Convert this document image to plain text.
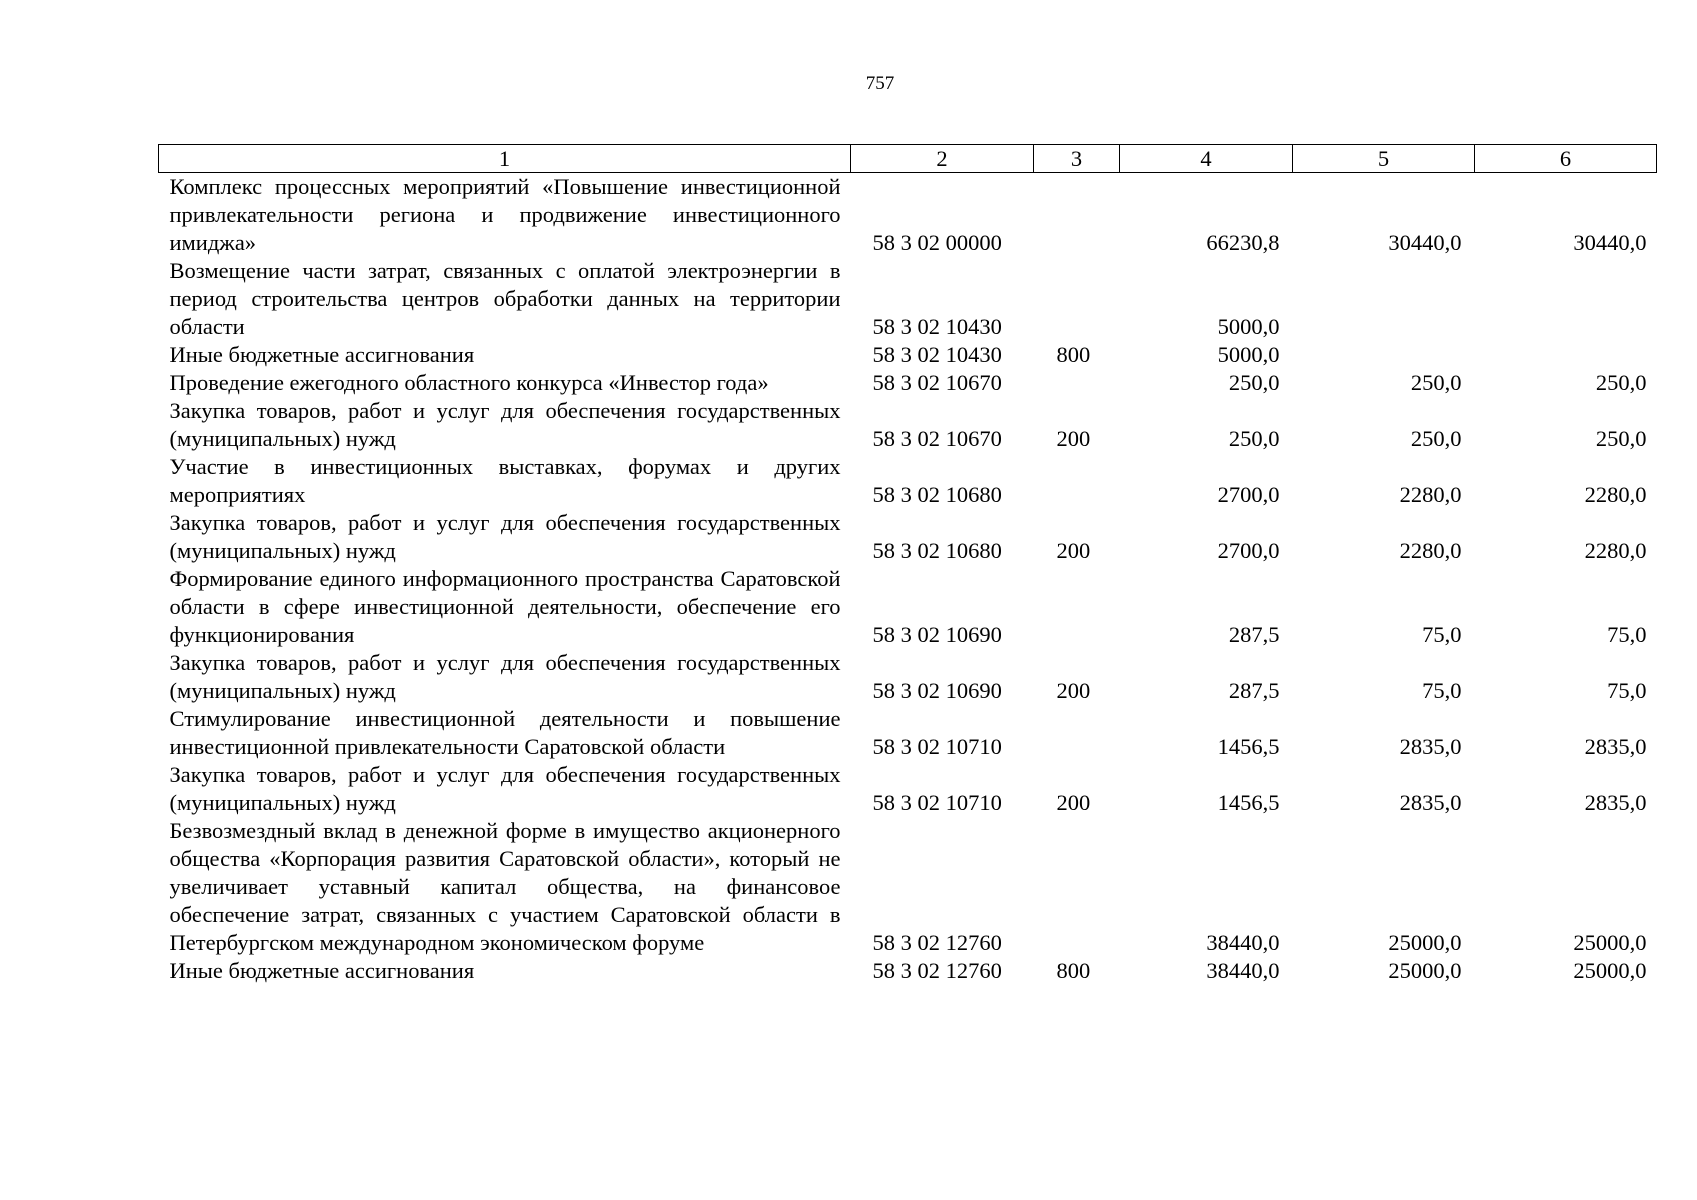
757
1	2	3	4	5	6
Комплекс процессных мероприятий «Повышение инвестиционной привлекательности региона и продвижение инвестиционного имиджа»	58 3 02 00000		66230,8	30440,0	30440,0
Возмещение части затрат, связанных с оплатой электроэнергии в период строительства центров обработки данных на территории области	58 3 02 10430		5000,0		
Иные бюджетные ассигнования	58 3 02 10430	800	5000,0		
Проведение ежегодного областного конкурса «Инвестор года»	58 3 02 10670		250,0	250,0	250,0
Закупка товаров, работ и услуг для обеспечения государственных (муниципальных) нужд	58 3 02 10670	200	250,0	250,0	250,0
Участие в инвестиционных выставках, форумах и других мероприятиях	58 3 02 10680		2700,0	2280,0	2280,0
Закупка товаров, работ и услуг для обеспечения государственных (муниципальных) нужд	58 3 02 10680	200	2700,0	2280,0	2280,0
Формирование единого информационного пространства Саратовской области в сфере инвестиционной деятельности, обеспечение его функционирования	58 3 02 10690		287,5	75,0	75,0
Закупка товаров, работ и услуг для обеспечения государственных (муниципальных) нужд	58 3 02 10690	200	287,5	75,0	75,0
Стимулирование инвестиционной деятельности и повышение инвестиционной привлекательности Саратовской области	58 3 02 10710		1456,5	2835,0	2835,0
Закупка товаров, работ и услуг для обеспечения государственных (муниципальных) нужд	58 3 02 10710	200	1456,5	2835,0	2835,0
Безвозмездный вклад в денежной форме в имущество акционерного общества «Корпорация развития Саратовской области», который не увеличивает уставный капитал общества, на финансовое обеспечение затрат, связанных с участием Саратовской области в Петербургском международном экономическом форуме	58 3 02 12760		38440,0	25000,0	25000,0
Иные бюджетные ассигнования	58 3 02 12760	800	38440,0	25000,0	25000,0
